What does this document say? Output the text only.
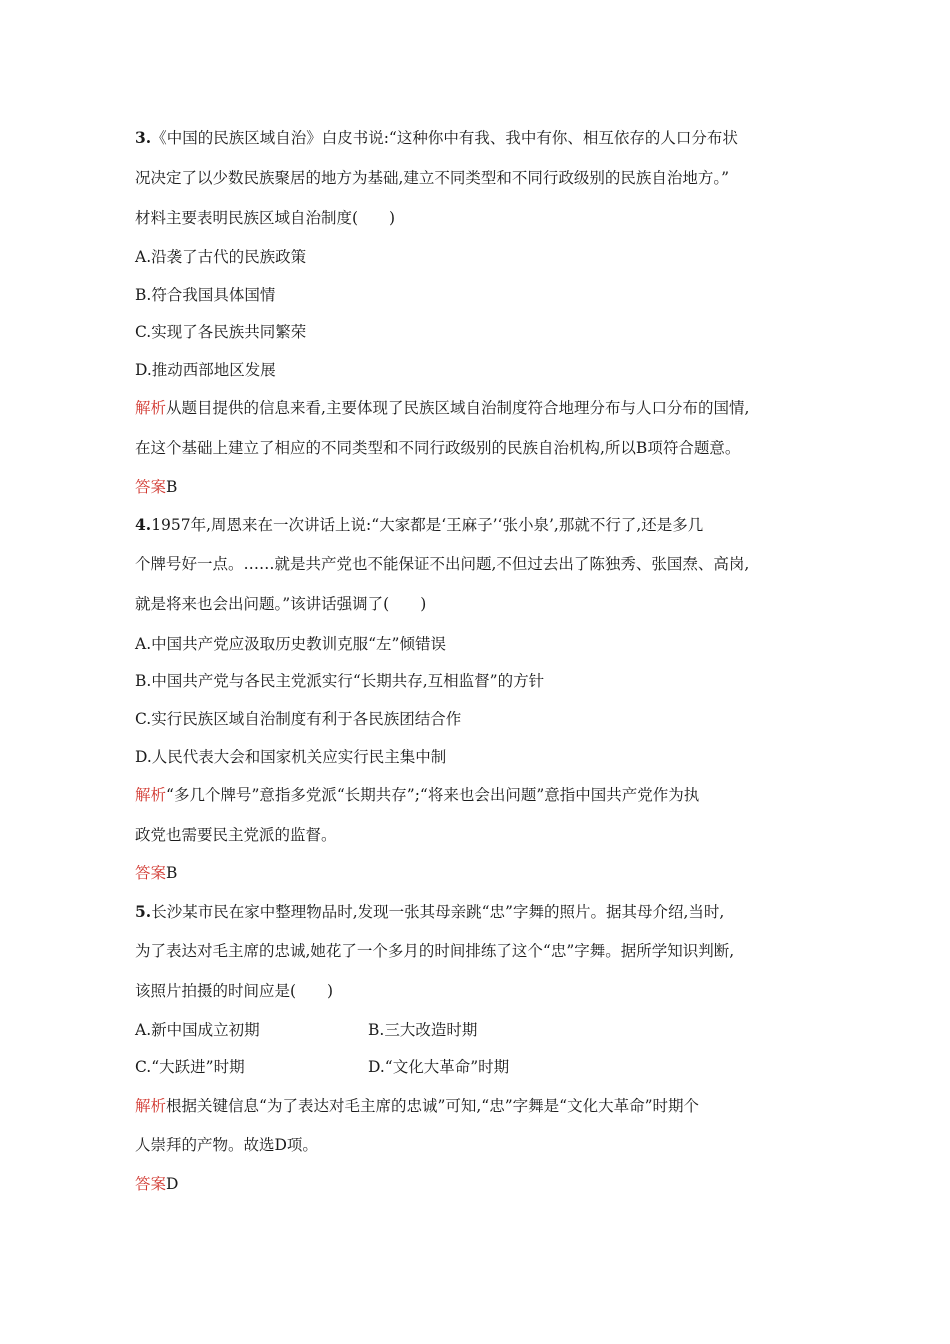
3.《中国的民族区域自治》白皮书说:“这种你中有我、我中有你、相互依存的人口分布状
况决定了以少数民族聚居的地方为基础,建立不同类型和不同行政级别的民族自治地方。”
材料主要表明民族区域自治制度(　　)
A.沿袭了古代的民族政策
B.符合我国具体国情
C.实现了各民族共同繁荣
D.推动西部地区发展
解析从题目提供的信息来看,主要体现了民族区域自治制度符合地理分布与人口分布的国情,
在这个基础上建立了相应的不同类型和不同行政级别的民族自治机构,所以B项符合题意。
答案B
4.1957年,周恩来在一次讲话上说:“大家都是‘王麻子’‘张小泉’,那就不行了,还是多几
个牌号好一点。……就是共产党也不能保证不出问题,不但过去出了陈独秀、张国焘、高岗,
就是将来也会出问题。”该讲话强调了(　　)
A.中国共产党应汲取历史教训克服“左”倾错误
B.中国共产党与各民主党派实行“长期共存,互相监督”的方针
C.实行民族区域自治制度有利于各民族团结合作
D.人民代表大会和国家机关应实行民主集中制
解析“多几个牌号”意指多党派“长期共存”;“将来也会出问题”意指中国共产党作为执
政党也需要民主党派的监督。
答案B
5.长沙某市民在家中整理物品时,发现一张其母亲跳“忠”字舞的照片。据其母介绍,当时,
为了表达对毛主席的忠诚,她花了一个多月的时间排练了这个“忠”字舞。据所学知识判断,
该照片拍摄的时间应是(　　)
A.新中国成立初期	B.三大改造时期
C.“大跃进”时期	D.“文化大革命”时期
解析根据关键信息“为了表达对毛主席的忠诚”可知,“忠”字舞是“文化大革命”时期个
人崇拜的产物。故选D项。
答案D
